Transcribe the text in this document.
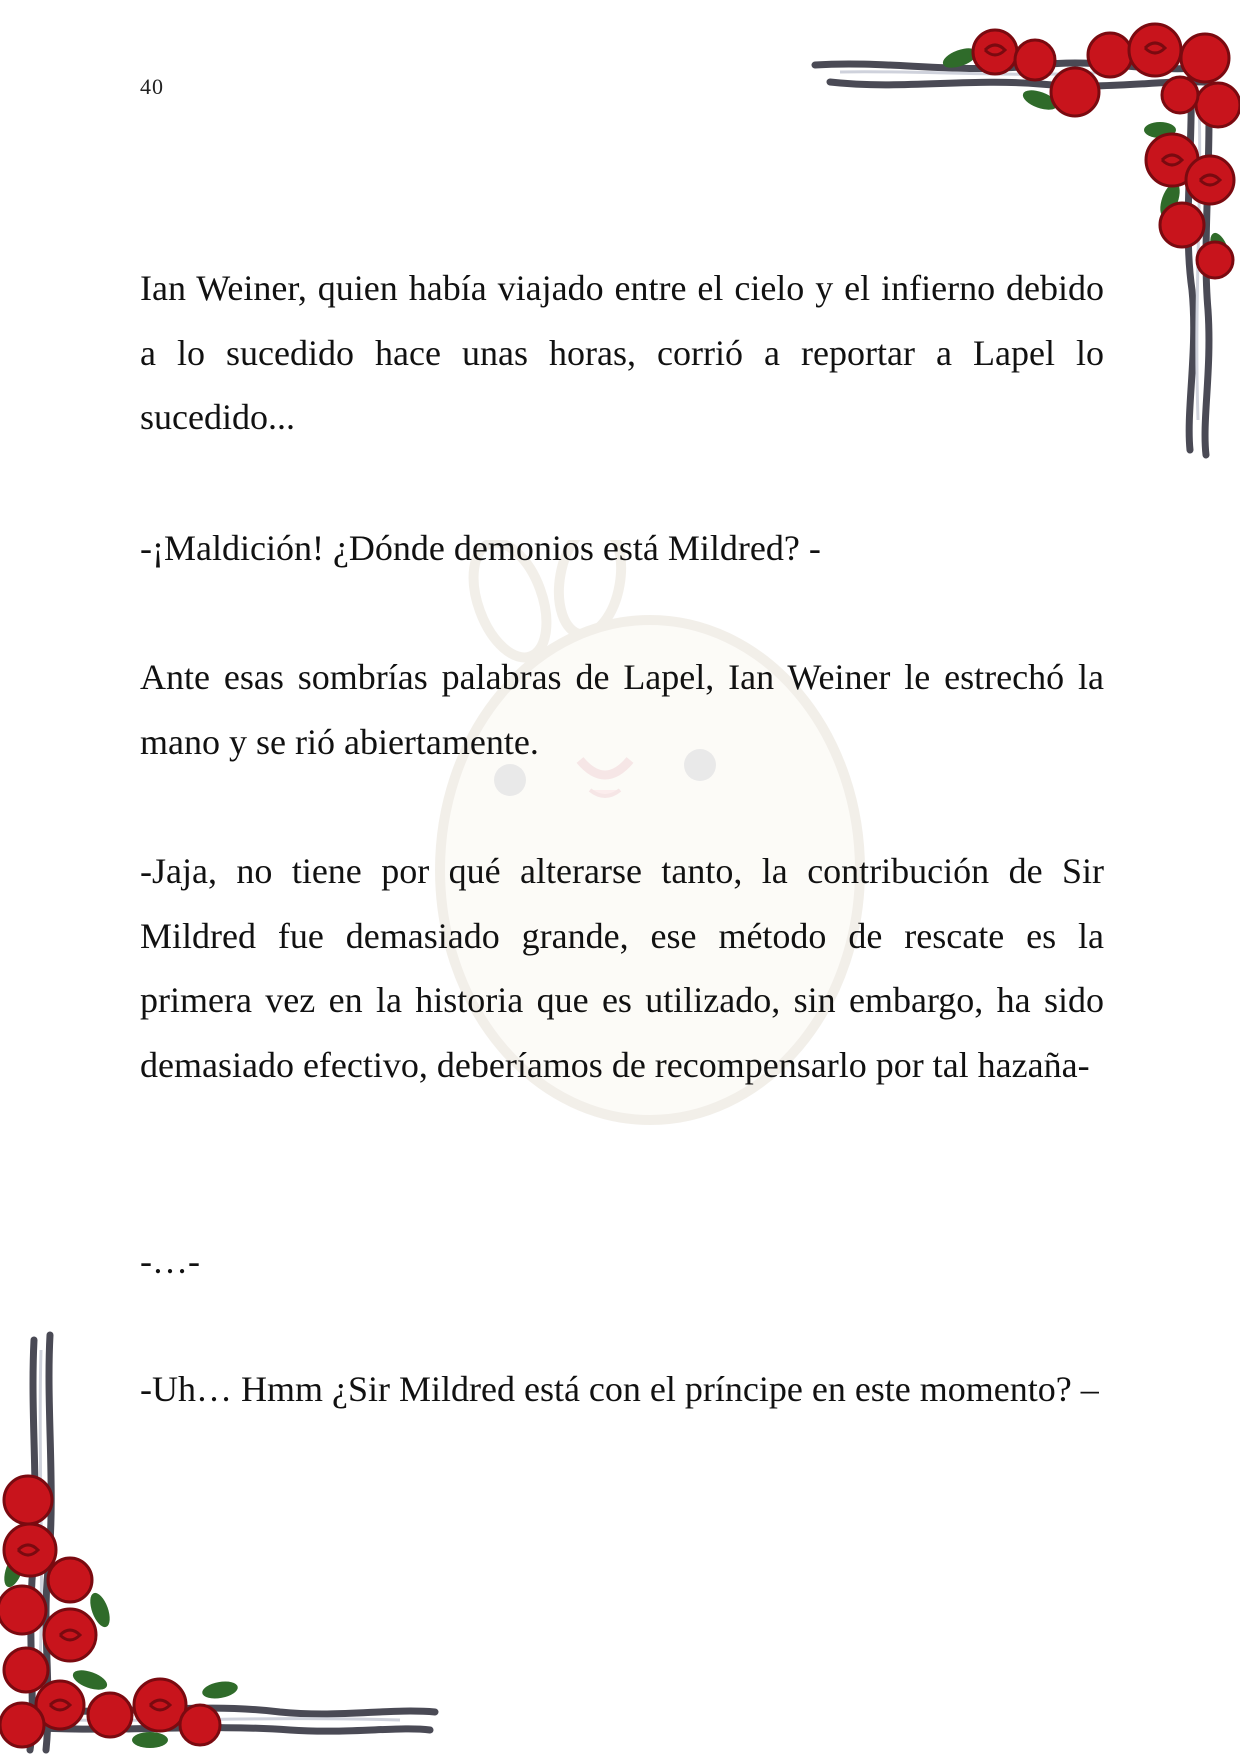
40

Ian Weiner, quien había viajado entre el cielo y el infierno debido a lo sucedido hace unas horas, corrió a reportar a Lapel lo sucedido...

-¡Maldición! ¿Dónde demonios está Mildred? -

Ante esas sombrías palabras de Lapel, Ian Weiner le estrechó la mano y se rió abiertamente.

-Jaja, no tiene por qué alterarse tanto, la contribución de Sir Mildred fue demasiado grande, ese método de rescate es la primera vez en la historia que es utilizado, sin embargo, ha sido demasiado efectivo, deberíamos de recompensarlo por tal hazaña-

-…-

-Uh… Hmm ¿Sir Mildred está con el príncipe en este momento? –
